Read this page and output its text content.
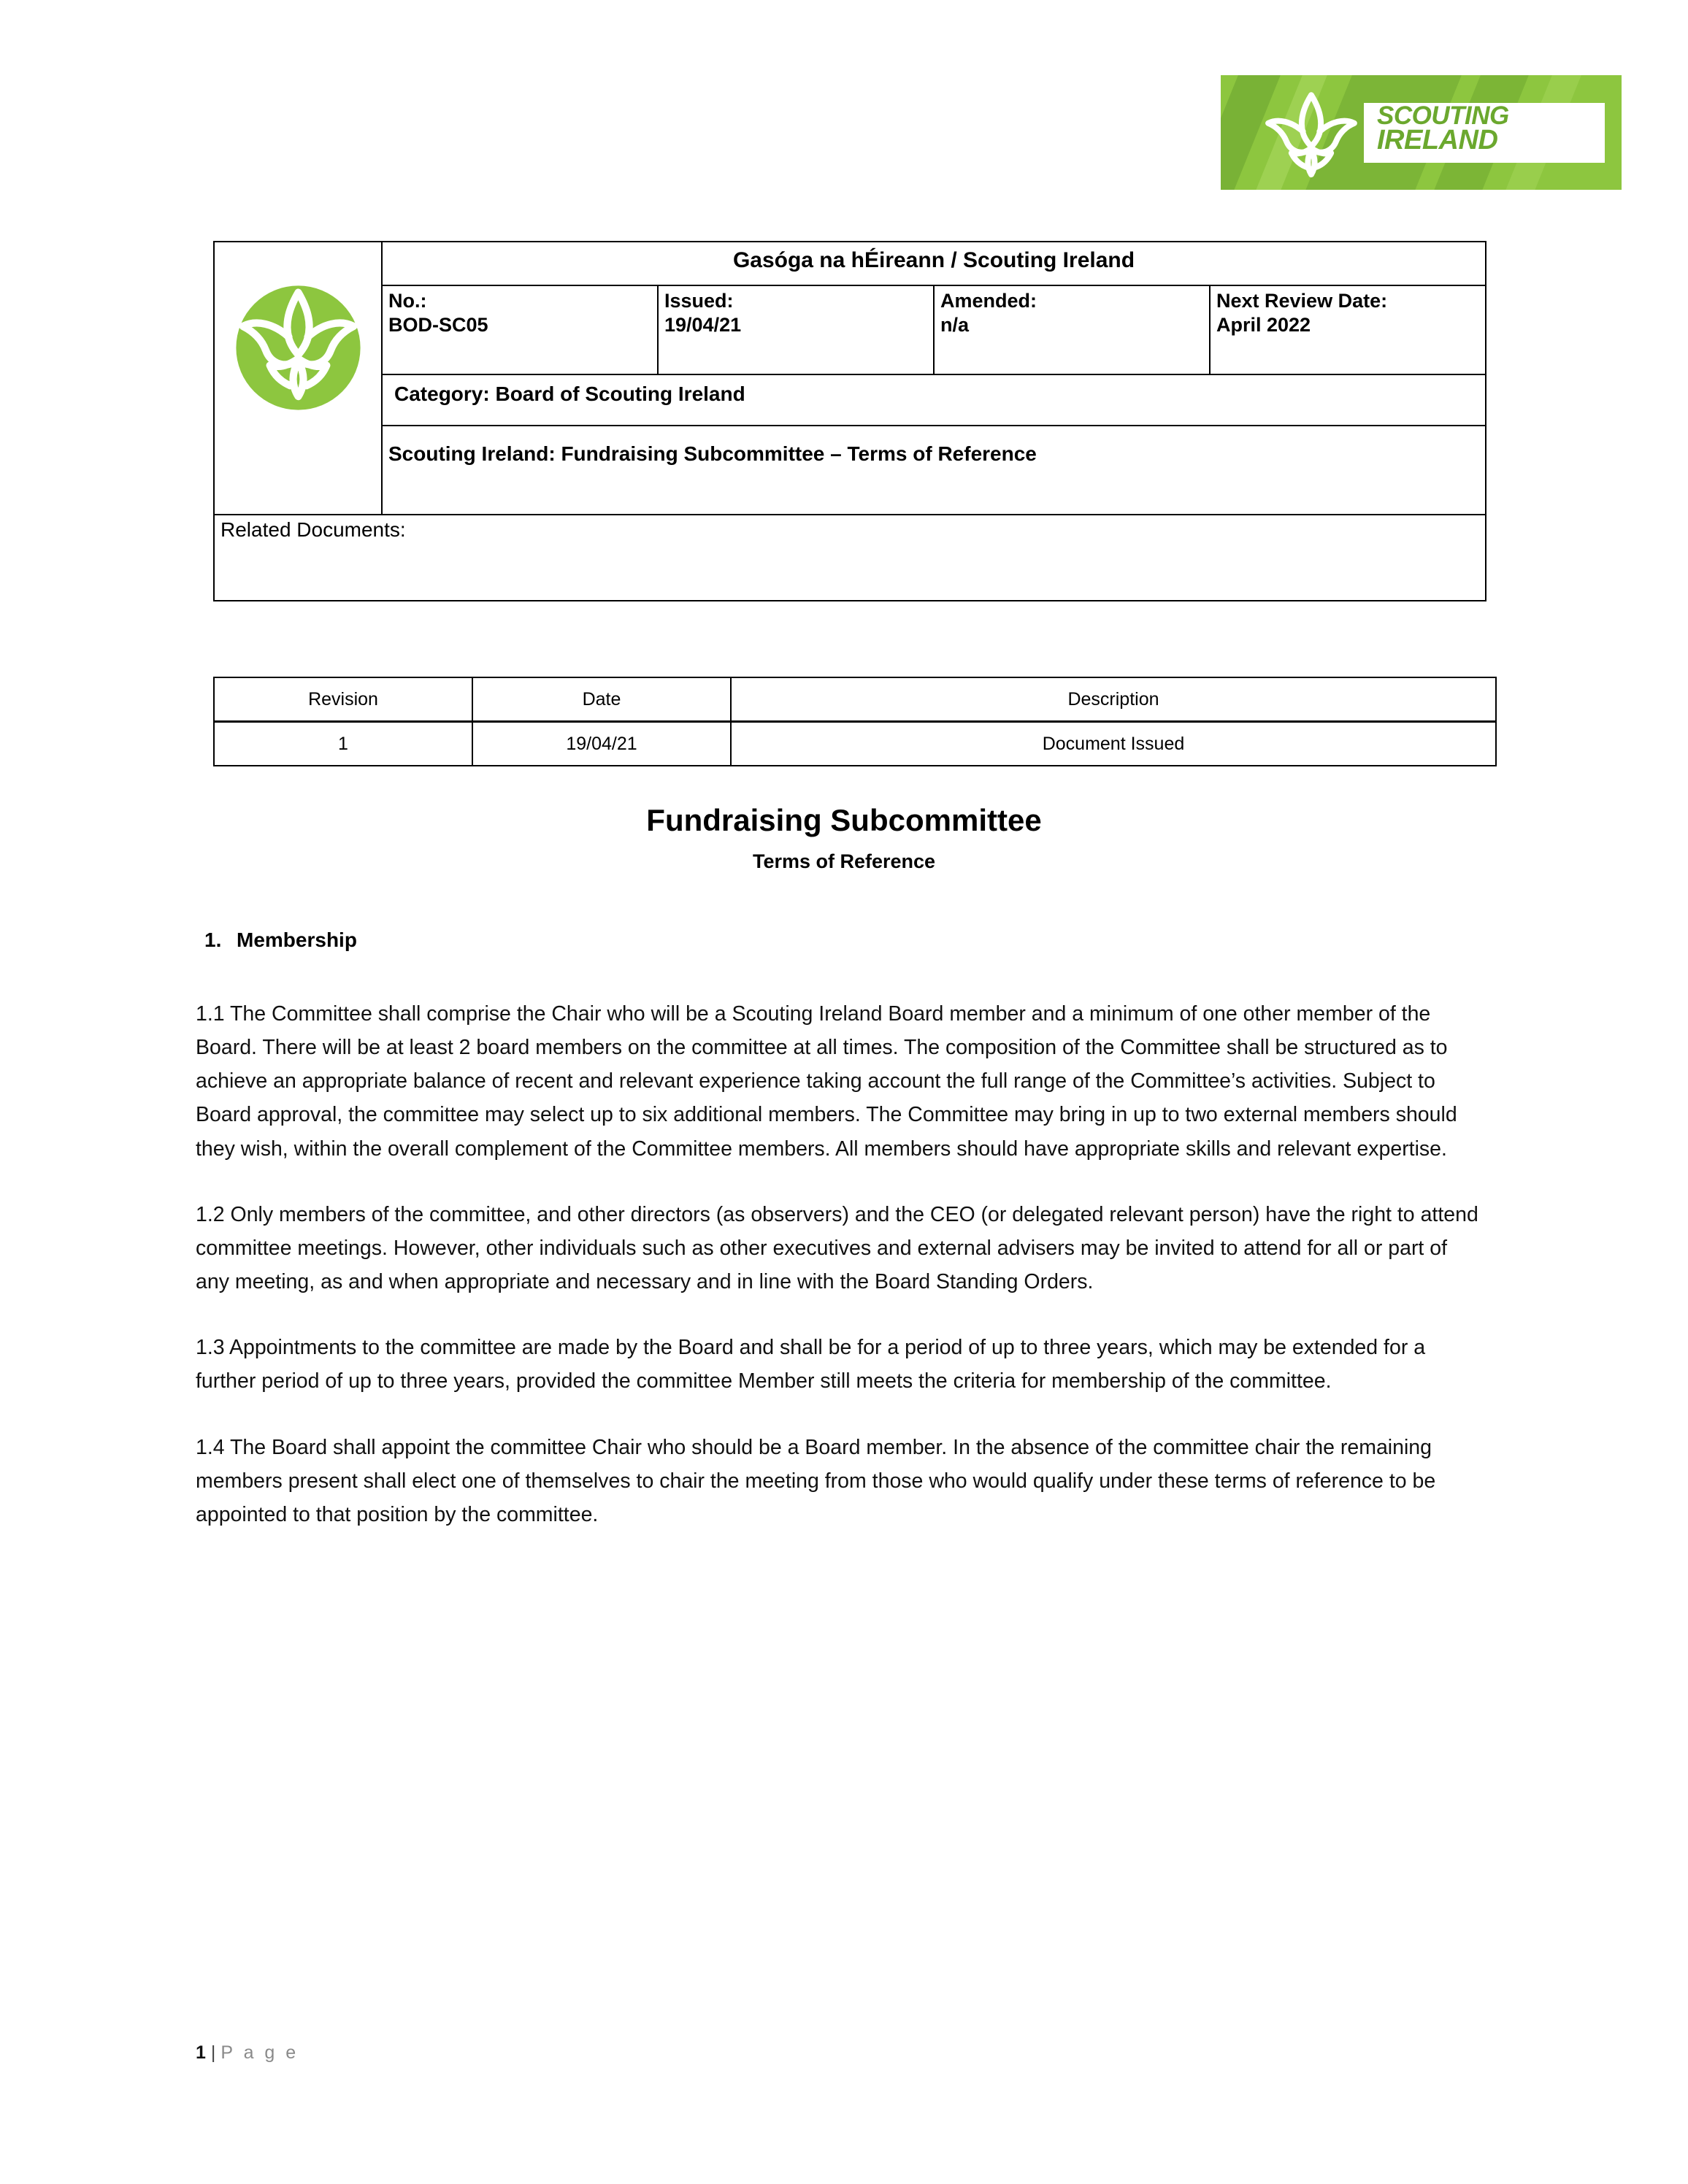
SCOUTING
IRELAND
	Gasóga na hÉireann / Scouting Ireland			

No.:
BOD-SC05

Issued:
19/04/21

Amended:
n/a

Next Review Date:
April 2022

	Category: Board of Scouting Ireland			
	Scouting Ireland: Fundraising Subcommittee – Terms of Reference			
Related Documents:				
Revision	Date	Description
1	19/04/21	Document Issued
Fundraising Subcommittee
Terms of Reference
1. Membership

1.1 The Committee shall comprise the Chair who will be a Scouting Ireland Board member and a minimum of one other member of the Board. There will be at least 2 board members on the committee at all times. The composition of the Committee shall be structured as to achieve an appropriate balance of recent and relevant experience taking account the full range of the Committee’s activities. Subject to Board approval, the committee may select up to six additional members. The Committee may bring in up to two external members should they wish, within the overall complement of the Committee members. All members should have appropriate skills and relevant expertise.

1.2 Only members of the committee, and other directors (as observers) and the CEO (or delegated relevant person) have the right to attend committee meetings. However, other individuals such as other executives and external advisers may be invited to attend for all or part of any meeting, as and when appropriate and necessary and in line with the Board Standing Orders.

1.3 Appointments to the committee are made by the Board and shall be for a period of up to three years, which may be extended for a further period of up to three years, provided the committee Member still meets the criteria for membership of the committee.

1.4 The Board shall appoint the committee Chair who should be a Board member. In the absence of the committee chair the remaining members present shall elect one of themselves to chair the meeting from those who would qualify under these terms of reference to be appointed to that position by the committee.

1 | P a g e
